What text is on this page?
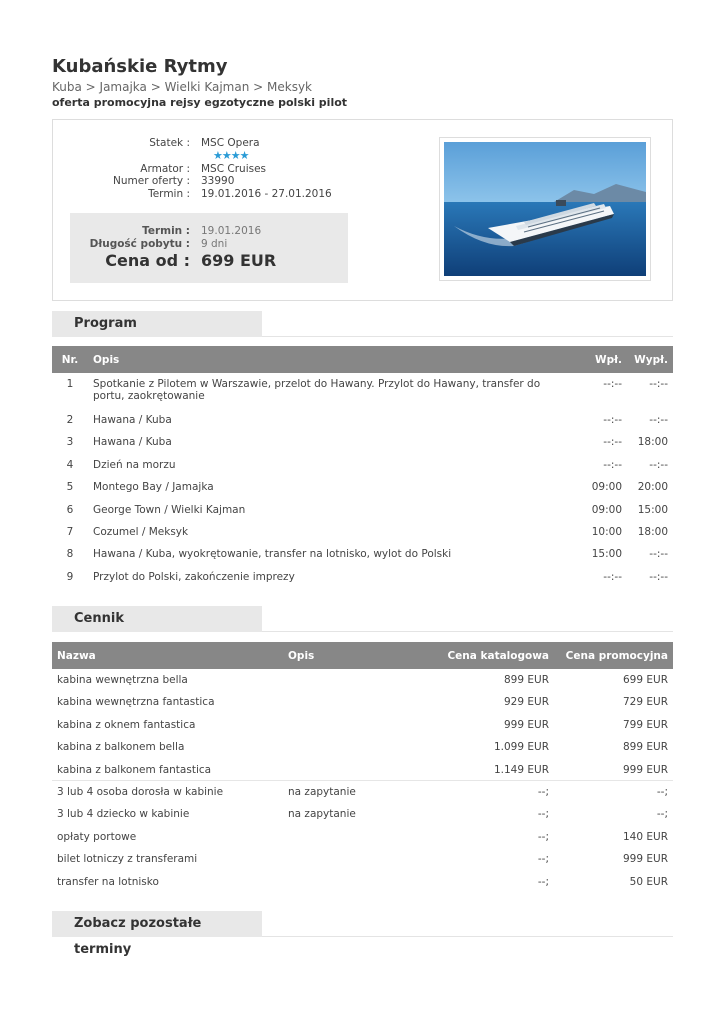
Kubańskie Rytmy
Kuba > Jamajka > Wielki Kajman > Meksyk
oferta promocyjna rejsy egzotyczne polski pilot
Statek :	MSC Opera
Armator :	MSC Cruises
Numer oferty :	33990
Termin :	19.01.2016 - 27.01.2016
★★★★
Termin :	19.01.2016
Długość pobytu :	9 dni
Cena od : 699 EUR
Program
Nr.	Opis	Wpł.	Wypł.
1	Spotkanie z Pilotem w Warszawie, przelot do Hawany. Przylot do Hawany, transfer do portu, zaokrętowanie	--:--	--:--
2	Hawana / Kuba	--:--	--:--
3	Hawana / Kuba	--:--	18:00
4	Dzień na morzu	--:--	--:--
5	Montego Bay / Jamajka	09:00	20:00
6	George Town / Wielki Kajman	09:00	15:00
7	Cozumel / Meksyk	10:00	18:00
8	Hawana / Kuba, wyokrętowanie, transfer na lotnisko, wylot do Polski	15:00	--:--
9	Przylot do Polski, zakończenie imprezy	--:--	--:--
Cennik
Nazwa	Opis	Cena katalogowa	Cena promocyjna
kabina wewnętrzna bella		899 EUR	699 EUR
kabina wewnętrzna fantastica		929 EUR	729 EUR
kabina z oknem fantastica		999 EUR	799 EUR
kabina z balkonem bella		1.099 EUR	899 EUR
kabina z balkonem fantastica		1.149 EUR	999 EUR
3 lub 4 osoba dorosła w kabinie	na zapytanie	--;	--;
3 lub 4 dziecko w kabinie	na zapytanie	--;	--;
opłaty portowe		--;	140 EUR
bilet lotniczy z transferami		--;	999 EUR
transfer na lotnisko		--;	50 EUR
Zobacz pozostałe terminy
